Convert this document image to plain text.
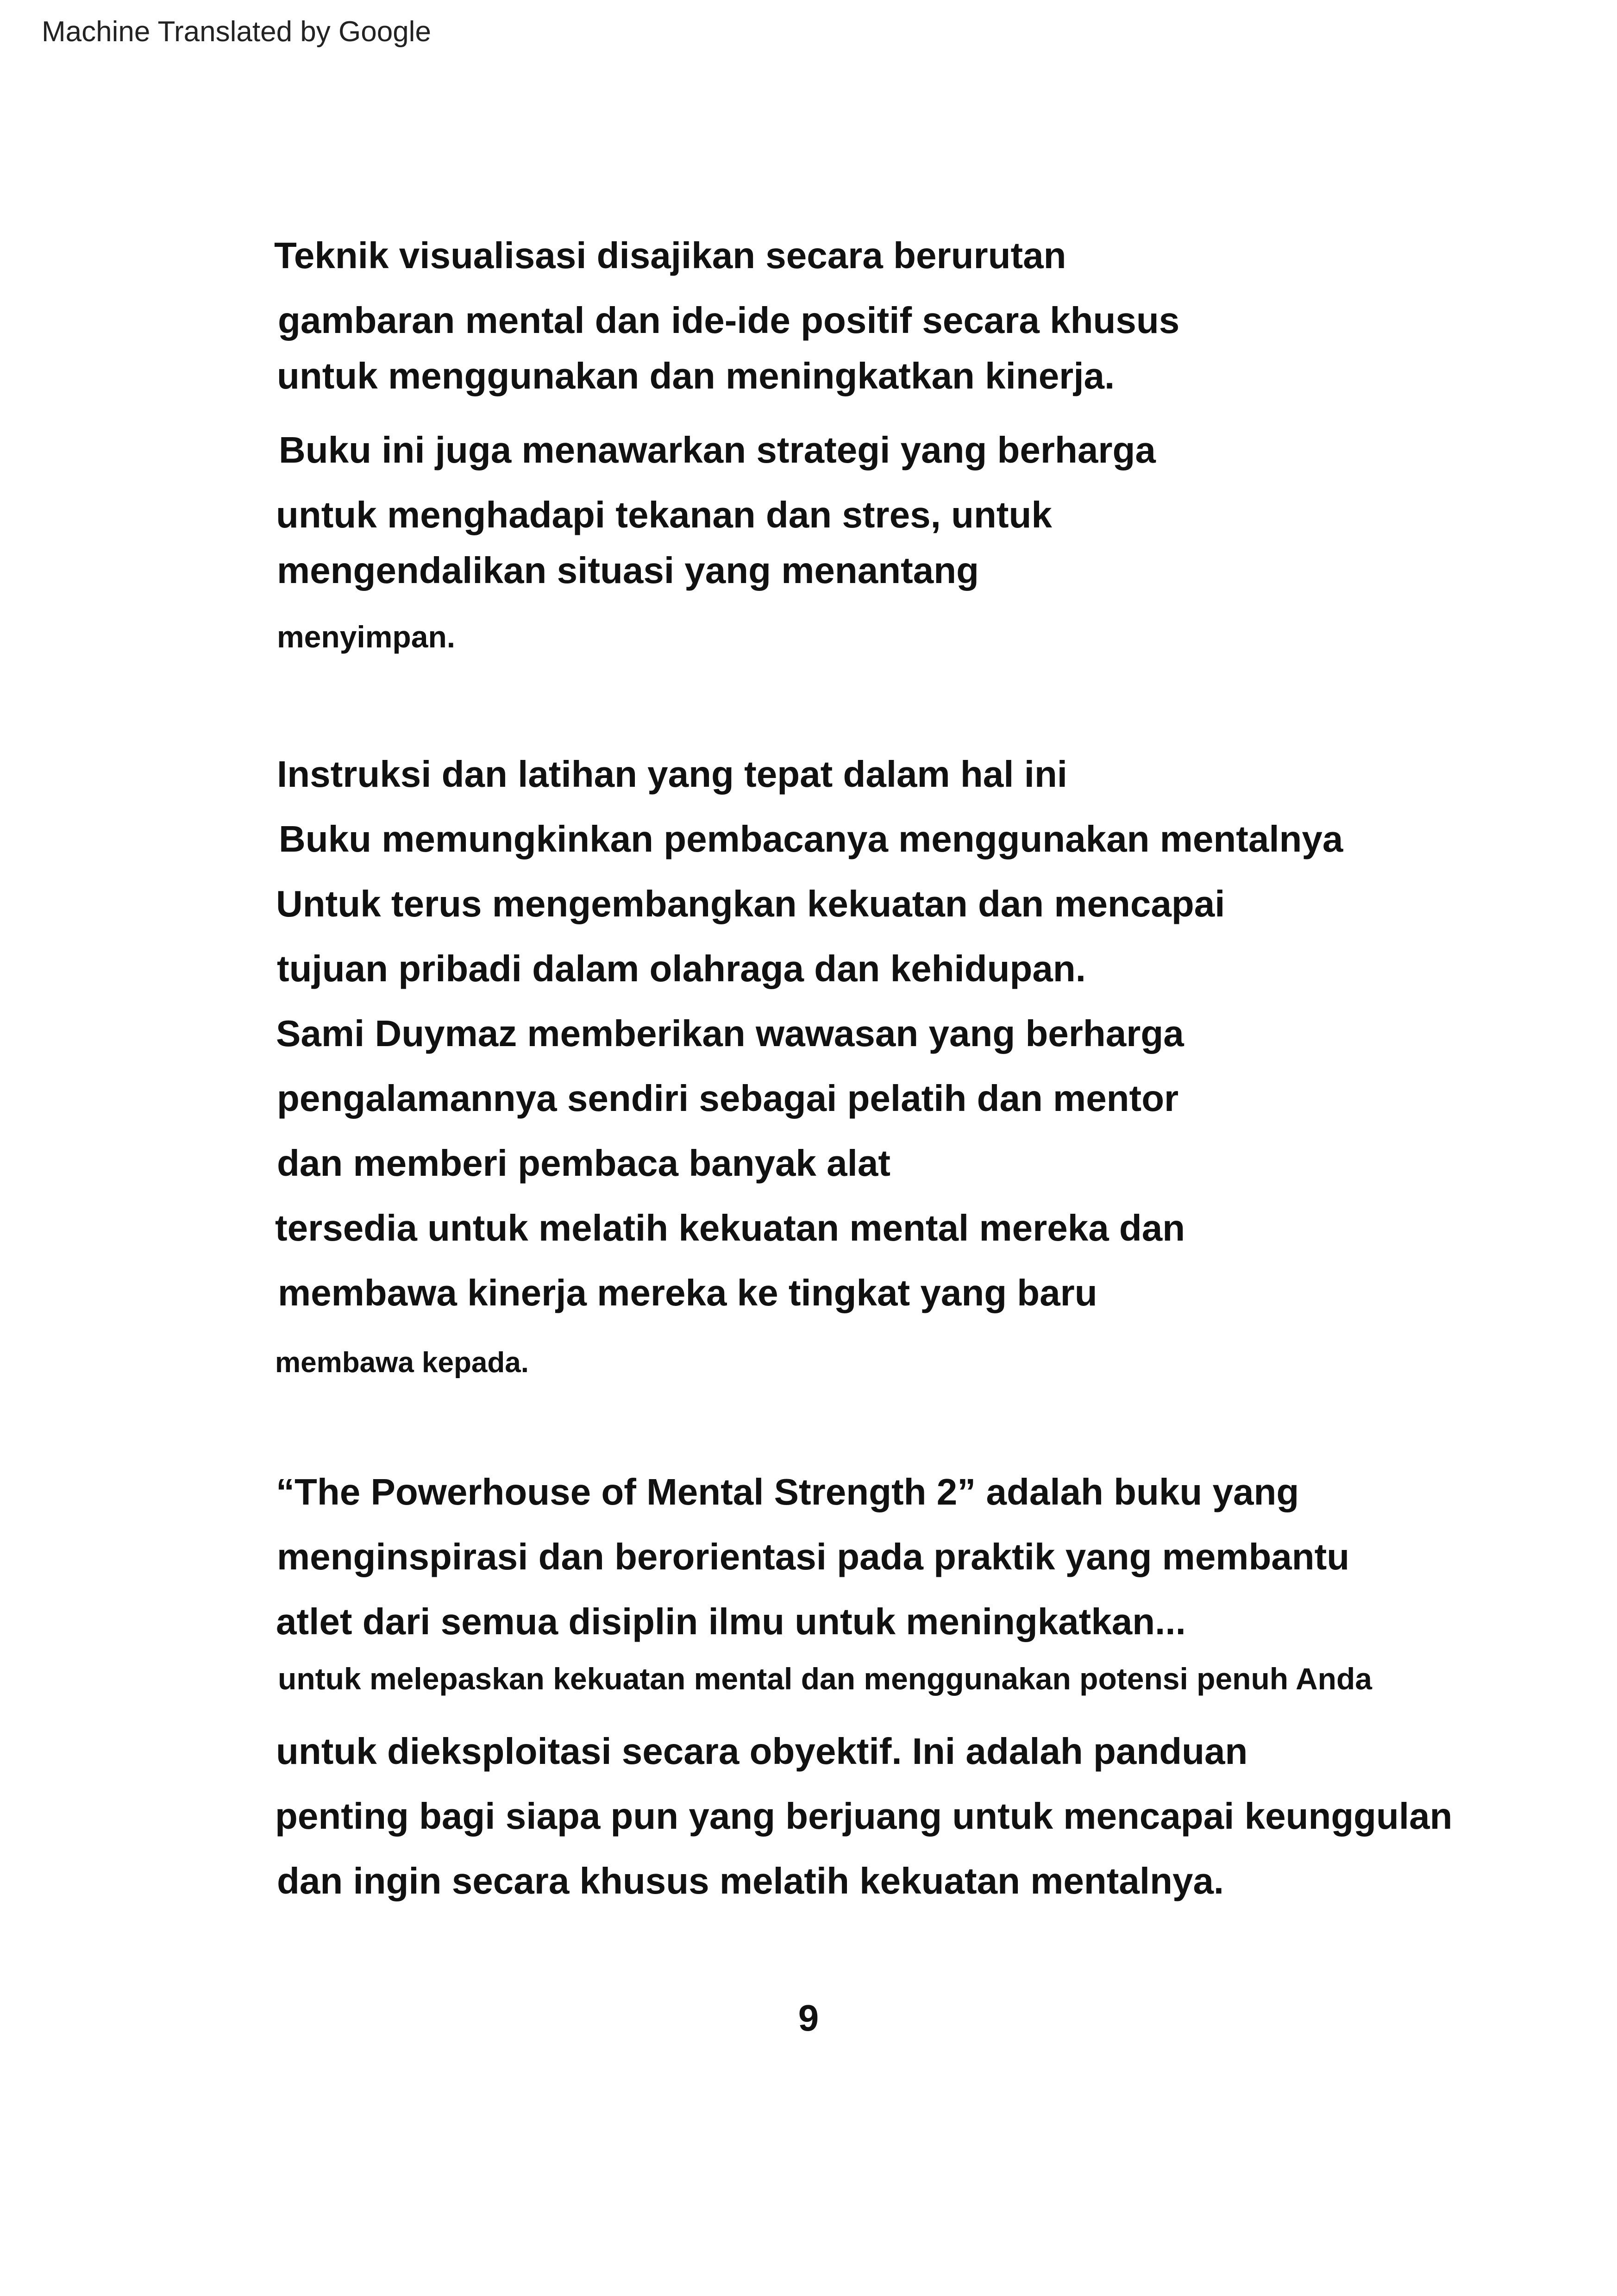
Machine Translated by Google
Teknik visualisasi disajikan secara berurutan
gambaran mental dan ide-ide positif secara khusus
untuk menggunakan dan meningkatkan kinerja.
Buku ini juga menawarkan strategi yang berharga
untuk menghadapi tekanan dan stres, untuk
mengendalikan situasi yang menantang
menyimpan.
Instruksi dan latihan yang tepat dalam hal ini
Buku memungkinkan pembacanya menggunakan mentalnya
Untuk terus mengembangkan kekuatan dan mencapai
tujuan pribadi dalam olahraga dan kehidupan.
Sami Duymaz memberikan wawasan yang berharga
pengalamannya sendiri sebagai pelatih dan mentor
dan memberi pembaca banyak alat
tersedia untuk melatih kekuatan mental mereka dan
membawa kinerja mereka ke tingkat yang baru
membawa kepada.
“The Powerhouse of Mental Strength 2” adalah buku yang
menginspirasi dan berorientasi pada praktik yang membantu
atlet dari semua disiplin ilmu untuk meningkatkan...
untuk melepaskan kekuatan mental dan menggunakan potensi penuh Anda
untuk dieksploitasi secara obyektif. Ini adalah panduan
penting bagi siapa pun yang berjuang untuk mencapai keunggulan
dan ingin secara khusus melatih kekuatan mentalnya.
9
